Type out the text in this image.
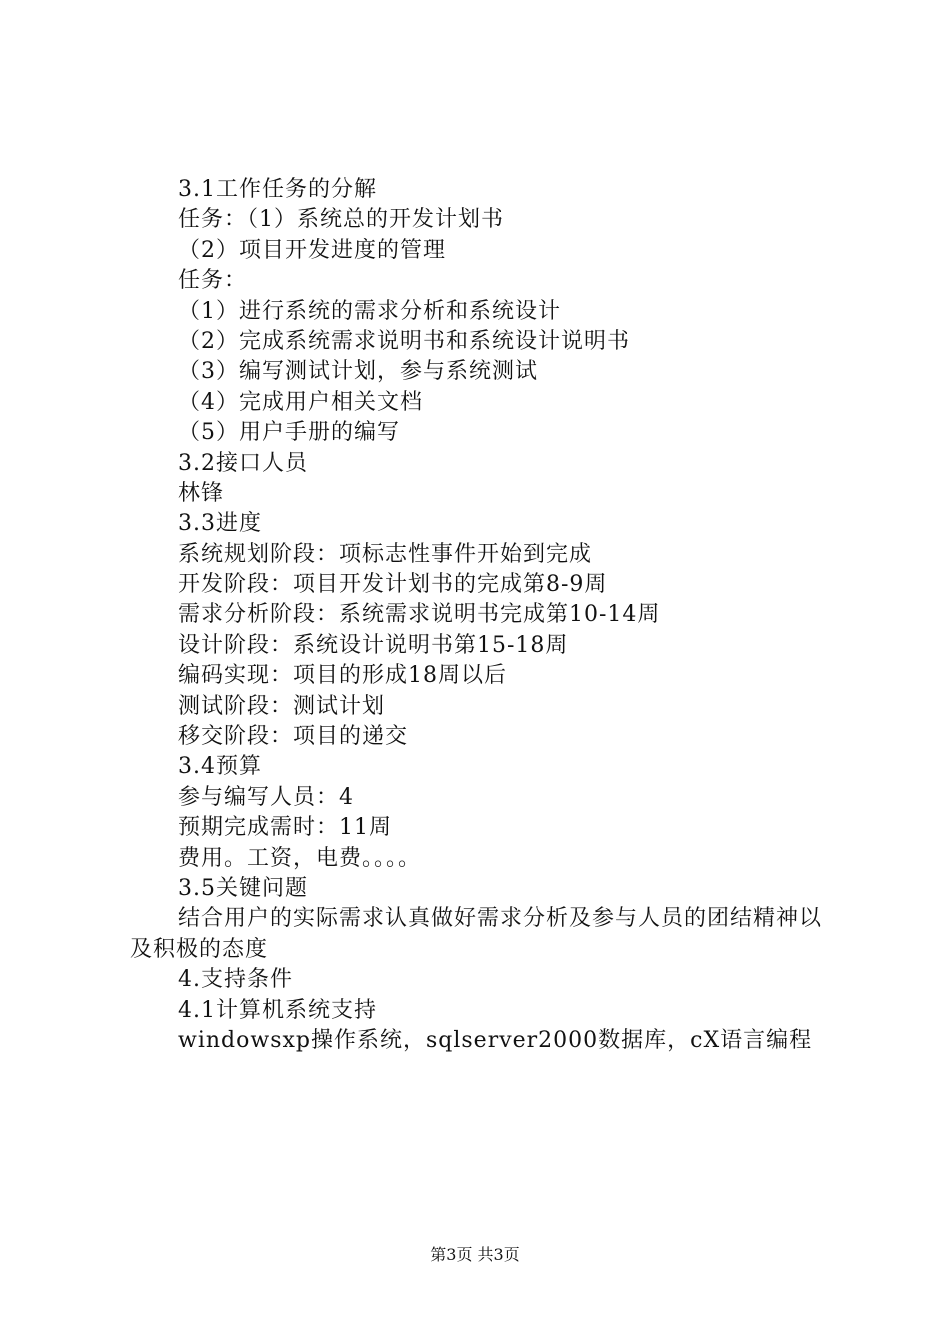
3.1工作任务的分解
任务：（1）系统总的开发计划书
（2）项目开发进度的管理
任务：
（1）进行系统的需求分析和系统设计
（2）完成系统需求说明书和系统设计说明书
（3）编写测试计划，参与系统测试
（4）完成用户相关文档
（5）用户手册的编写
3.2接口人员
林锋
3.3进度
系统规划阶段：项标志性事件开始到完成
开发阶段：项目开发计划书的完成第8-9周
需求分析阶段：系统需求说明书完成第10-14周
设计阶段：系统设计说明书第15-18周
编码实现：项目的形成18周以后
测试阶段：测试计划
移交阶段：项目的递交
3.4预算
参与编写人员：4
预期完成需时：11周
费用。工资，电费。。。。
3.5关键问题
结合用户的实际需求认真做好需求分析及参与人员的团结精神以及积极的态度
4.支持条件
4.1计算机系统支持
windowsxp操作系统，sqlserver2000数据库，cX语言编程
第3页 共3页
